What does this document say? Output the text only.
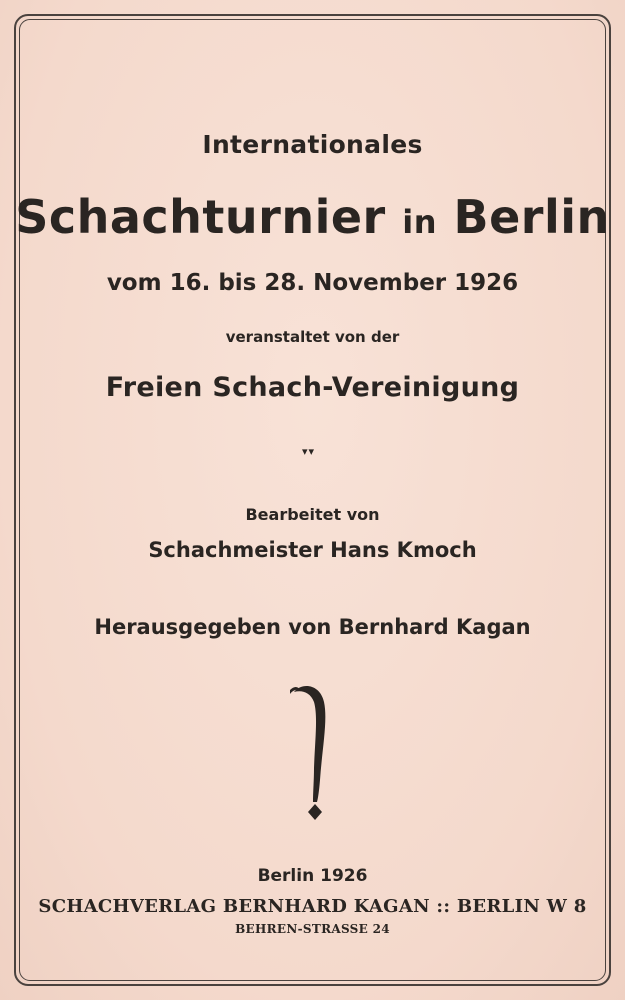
Internationales
Schachturnier in Berlin
vom 16. bis 28. November 1926
veranstaltet von der
Freien Schach-Vereinigung
▾▾
Bearbeitet von
Schachmeister Hans Kmoch
Herausgegeben von Bernhard Kagan
Berlin 1926
SCHACHVERLAG BERNHARD KAGAN :: BERLIN W 8
BEHREN-STRASSE 24
